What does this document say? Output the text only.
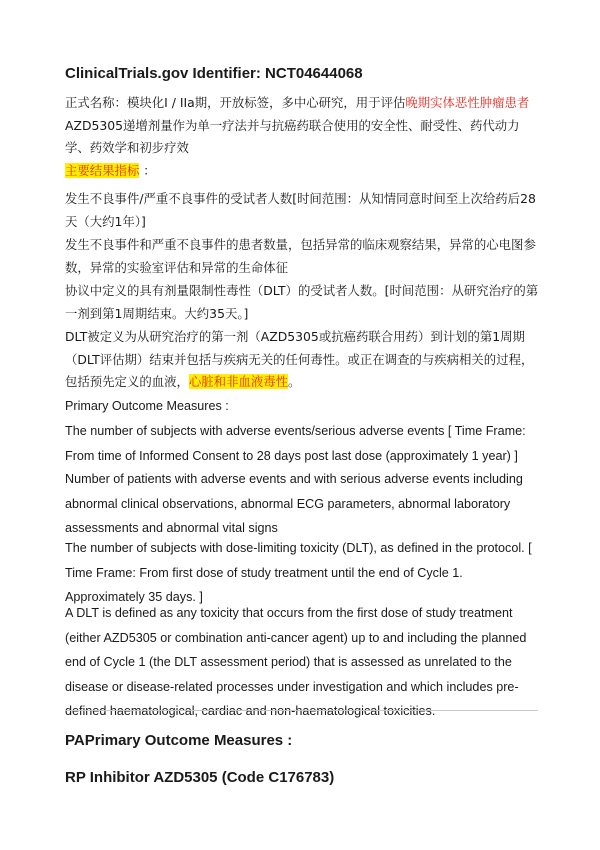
ClinicalTrials.gov Identifier: NCT04644068

正式名称：模块化I / IIa期，开放标签，多中心研究，用于评估晚期实体恶性肿瘤患者AZD5305递增剂量作为单一疗法并与抗癌药联合使用的安全性、耐受性、药代动力学、药效学和初步疗效

主要结果指标 ：

发生不良事件/严重不良事件的受试者人数[时间范围：从知情同意时间至上次给药后28天（大约1年）]

发生不良事件和严重不良事件的患者数量，包括异常的临床观察结果，异常的心电图参数，异常的实验室评估和异常的生命体征

协议中定义的具有剂量限制性毒性（DLT）的受试者人数。[时间范围：从研究治疗的第一剂到第1周期结束。大约35天。]

DLT被定义为从研究治疗的第一剂（AZD5305或抗癌药联合用药）到计划的第1周期（DLT评估期）结束并包括与疾病无关的任何毒性。或正在调查的与疾病相关的过程，包括预先定义的血液，心脏和非血液毒性。

Primary Outcome Measures :

The number of subjects with adverse events/serious adverse events [ Time Frame: From time of Informed Consent to 28 days post last dose (approximately 1 year) ]

Number of patients with adverse events and with serious adverse events including abnormal clinical observations, abnormal ECG parameters, abnormal laboratory assessments and abnormal vital signs

The number of subjects with dose-limiting toxicity (DLT), as defined in the protocol. [ Time Frame: From first dose of study treatment until the end of Cycle 1. Approximately 35 days. ]

A DLT is defined as any toxicity that occurs from the first dose of study treatment (either AZD5305 or combination anti-cancer agent) up to and including the planned end of Cycle 1 (the DLT assessment period) that is assessed as unrelated to the disease or disease-related processes under investigation and which includes pre-defined haematological, cardiac and non-haematological toxicities.

PAPrimary Outcome Measures :
RP Inhibitor AZD5305 (Code C176783)
